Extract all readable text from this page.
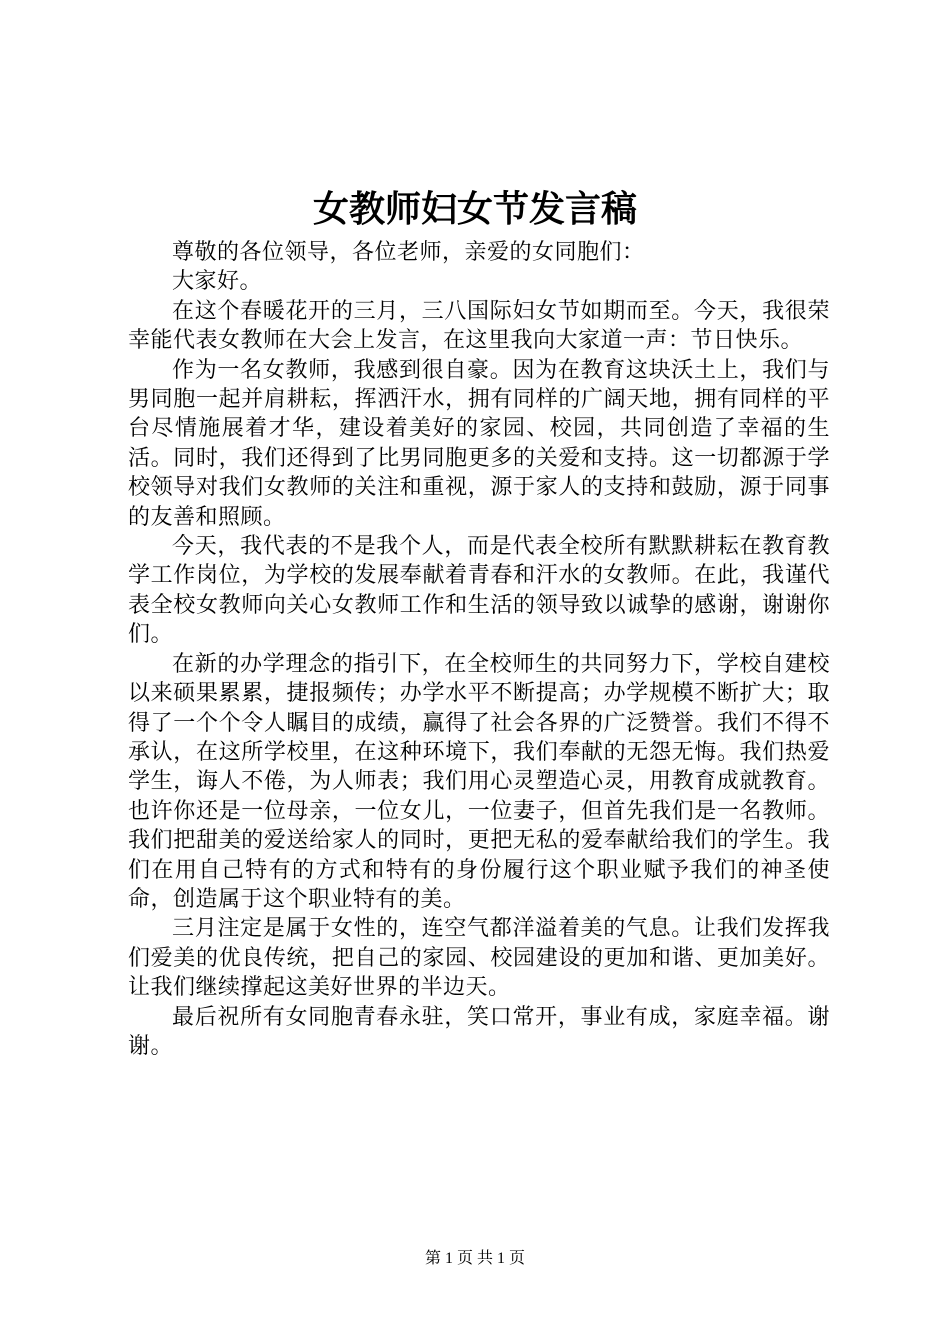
女教师妇女节发言稿

尊敬的各位领导，各位老师，亲爱的女同胞们：

大家好。

在这个春暖花开的三月，三八国际妇女节如期而至。今天，我很荣幸能代表女教师在大会上发言，在这里我向大家道一声：节日快乐。

作为一名女教师，我感到很自豪。因为在教育这块沃土上，我们与男同胞一起并肩耕耘，挥洒汗水，拥有同样的广阔天地，拥有同样的平台尽情施展着才华，建设着美好的家园、校园，共同创造了幸福的生活。同时，我们还得到了比男同胞更多的关爱和支持。这一切都源于学校领导对我们女教师的关注和重视，源于家人的支持和鼓励，源于同事的友善和照顾。

今天，我代表的不是我个人，而是代表全校所有默默耕耘在教育教学工作岗位，为学校的发展奉献着青春和汗水的女教师。在此，我谨代表全校女教师向关心女教师工作和生活的领导致以诚挚的感谢，谢谢你们。

在新的办学理念的指引下，在全校师生的共同努力下，学校自建校以来硕果累累，捷报频传；办学水平不断提高；办学规模不断扩大；取得了一个个令人瞩目的成绩，赢得了社会各界的广泛赞誉。我们不得不承认，在这所学校里，在这种环境下，我们奉献的无怨无悔。我们热爱学生，诲人不倦，为人师表；我们用心灵塑造心灵，用教育成就教育。也许你还是一位母亲，一位女儿，一位妻子，但首先我们是一名教师。我们把甜美的爱送给家人的同时，更把无私的爱奉献给我们的学生。我们在用自己特有的方式和特有的身份履行这个职业赋予我们的神圣使命，创造属于这个职业特有的美。

三月注定是属于女性的，连空气都洋溢着美的气息。让我们发挥我们爱美的优良传统，把自己的家园、校园建设的更加和谐、更加美好。让我们继续撑起这美好世界的半边天。

最后祝所有女同胞青春永驻，笑口常开，事业有成，家庭幸福。谢谢。

第 1 页 共 1 页
